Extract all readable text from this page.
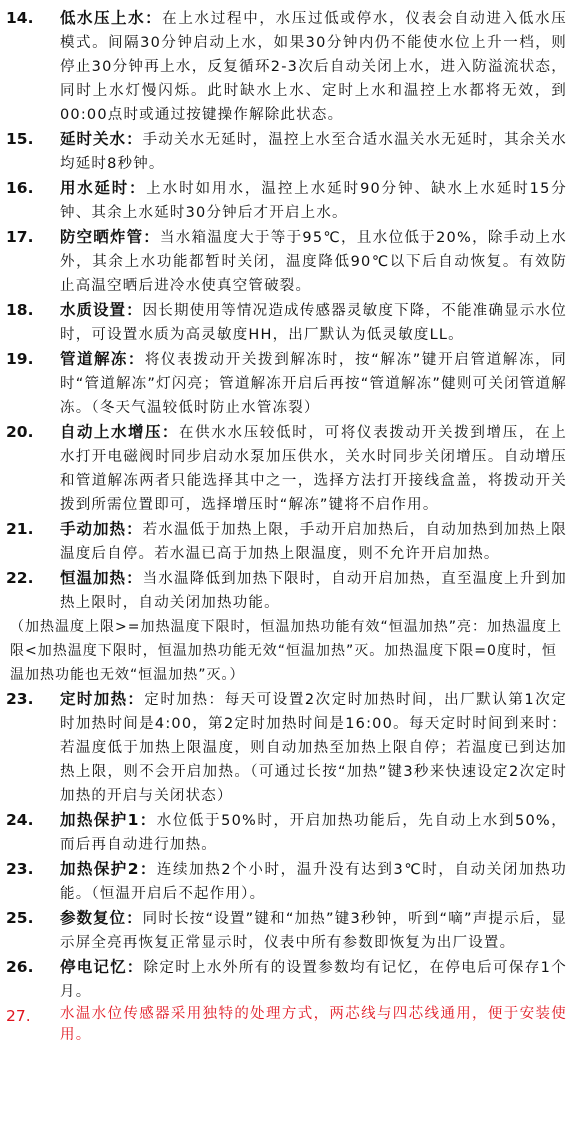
14.	低水压上水：在上水过程中，水压过低或停水，仪表会自动进入低水压模式。间隔30分钟启动上水，如果30分钟内仍不能使水位上升一档，则停止30分钟再上水，反复循环2-3次后自动关闭上水，进入防溢流状态，同时上水灯慢闪烁。此时缺水上水、定时上水和温控上水都将无效，到00:00点时或通过按键操作解除此状态。
15.	延时关水：手动关水无延时，温控上水至合适水温关水无延时，其余关水均延时8秒钟。
16.	用水延时：上水时如用水，温控上水延时90分钟、缺水上水延时15分钟、其余上水延时30分钟后才开启上水。
17.	防空晒炸管：当水箱温度大于等于95℃，且水位低于20%，除手动上水外，其余上水功能都暂时关闭，温度降低90℃以下后自动恢复。有效防止高温空晒后进冷水使真空管破裂。
18.	水质设置：因长期使用等情况造成传感器灵敏度下降，不能准确显示水位时，可设置水质为高灵敏度HH，出厂默认为低灵敏度LL。
19.	管道解冻：将仪表拨动开关拨到解冻时，按“解冻”键开启管道解冻，同时“管道解冻”灯闪亮；管道解冻开启后再按“管道解冻”健则可关闭管道解冻。（冬天气温较低时防止水管冻裂）
20.	自动上水增压：在供水水压较低时，可将仪表拨动开关拨到增压，在上水打开电磁阀时同步启动水泵加压供水，关水时同步关闭增压。自动增压和管道解冻两者只能选择其中之一，选择方法打开接线盒盖，将拨动开关拨到所需位置即可，选择增压时“解冻”键将不启作用。
21.	手动加热：若水温低于加热上限，手动开启加热后，自动加热到加热上限温度后自停。若水温已高于加热上限温度，则不允许开启加热。
22.	恒温加热：当水温降低到加热下限时，自动开启加热，直至温度上升到加热上限时，自动关闭加热功能。
（加热温度上限>=加热温度下限时，恒温加热功能有效“恒温加热”亮：加热温度上限<加热温度下限时，恒温加热功能无效“恒温加热”灭。加热温度下限=0度时，恒温加热功能也无效“恒温加热”灭。）
23.	定时加热：定时加热：每天可设置2次定时加热时间，出厂默认第1次定时加热时间是4:00，第2定时加热时间是16:00。每天定时时间到来时：若温度低于加热上限温度，则自动加热至加热上限自停；若温度已到达加热上限，则不会开启加热。（可通过长按“加热”键3秒来快速设定2次定时加热的开启与关闭状态）
24.	加热保护1：水位低于50%时，开启加热功能后，先自动上水到50%，而后再自动进行加热。
23.	加热保护2：连续加热2个小时，温升没有达到3℃时，自动关闭加热功能。（恒温开启后不起作用）。
25.	参数复位：同时长按“设置”键和“加热”键3秒钟，听到“嘀”声提示后，显示屏全亮再恢复正常显示时，仪表中所有参数即恢复为出厂设置。
26.	停电记忆：除定时上水外所有的设置参数均有记忆，在停电后可保存1个月。
27.	水温水位传感器采用独特的处理方式，两芯线与四芯线通用，便于安装使用。
